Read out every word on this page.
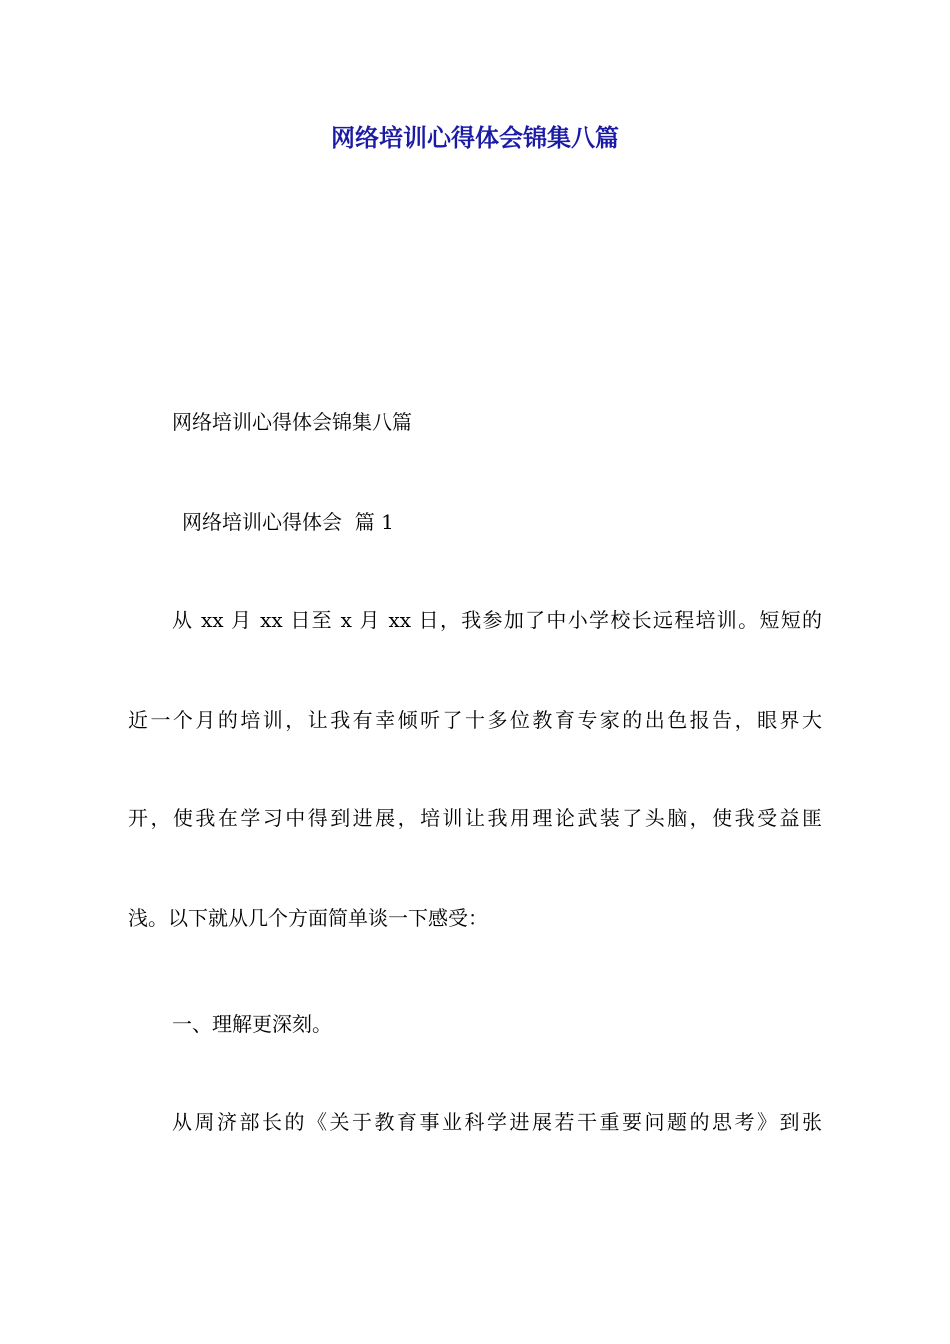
网络培训心得体会锦集八篇

网络培训心得体会锦集八篇

网络培训心得体会  篇 1

从 xx 月 xx 日至 x 月 xx 日，我参加了中小学校长远程培训。短短的

近一个月的培训，让我有幸倾听了十多位教育专家的出色报告，眼界大

开，使我在学习中得到进展，培训让我用理论武装了头脑，使我受益匪

浅。以下就从几个方面简单谈一下感受：

一、理解更深刻。

从周济部长的《关于教育事业科学进展若干重要问题的思考》到张
